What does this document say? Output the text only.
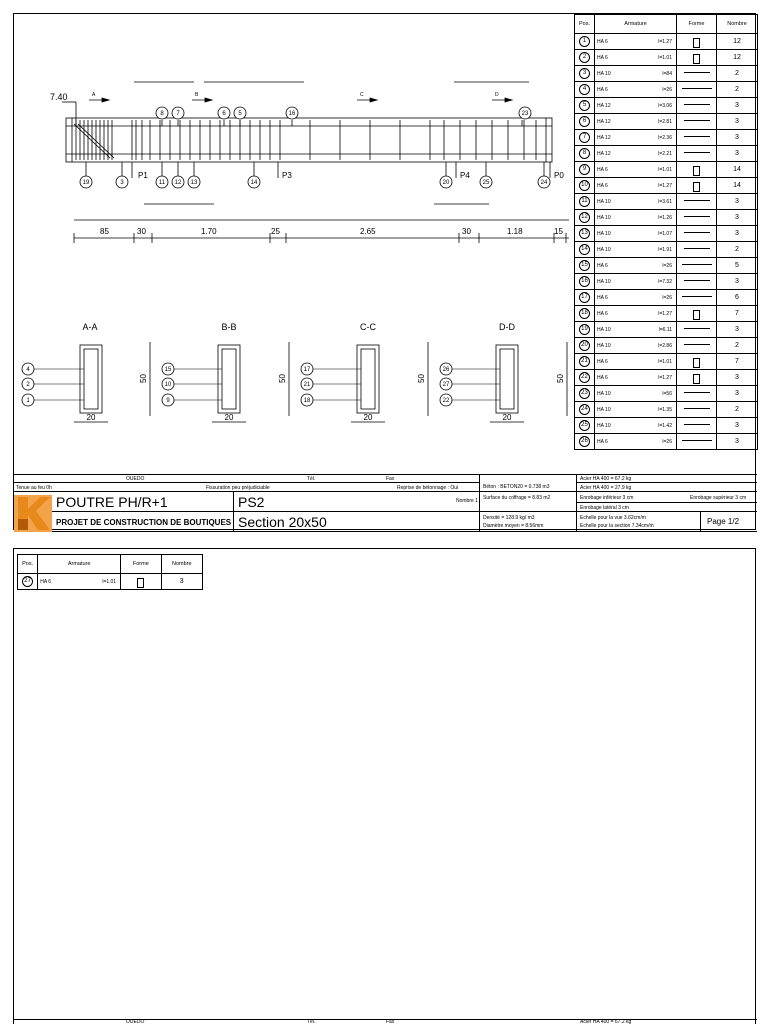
7.40	A	B	C	D
P1	P3	P4	P0
85	30	1.70	25	2.65	30	1.18	15
8 7	6 5	16	23
19	3	11 12 13	14	20	25	24
A-A	B-B	C-C	D-D
20	20	20	20
50	50	50	50
4
2
1
15
10
9
17
21
18
26
27
22
Pos.	Armature	Forme	Nombre
1	HA 6 l=1.27		12
2	HA 6 l=1.01		12
3	HA 10 l=84		2
4	HA 6 l=26		2
5	HA 12 l=3.06		3
6	HA 12 l=2.81		3
7	HA 12 l=2.36		3
8	HA 12 l=2.21		3
9	HA 6 l=1.01		14
10	HA 6 l=1.27		14
11	HA 10 l=3.61		3
12	HA 10 l=1.26		3
13	HA 10 l=1.07		3
14	HA 10 l=1.91		2
15	HA 6 l=26		5
16	HA 10 l=7.32		3
17	HA 6 l=26		6
18	HA 6 l=1.27		7
19	HA 10 l=6.11		3
20	HA 10 l=2.86		2
21	HA 6 l=1.01		7
22	HA 6 l=1.27		3
23	HA 10 l=56		3
24	HA 10 l=1.35		2
25	HA 10 l=1.42		3
26	HA 6 l=26		3
OUEDO	Tél.	Fax
Tenue au feu 0h	Fissuration peu préjudiciable	Reprise de bétonnage : Oui
POUTRE PH/R+1
PROJET DE CONSTRUCTION DE BOUTIQUES
PS2	Nombre 1
Section 20x50
Béton : BETON20 = 0.738 m3
Surface du coffrage = 8.83 m2
Densité = 128.9 kg/ m3
Diamètre moyen = 8.56mm
Acier HA 400 = 67.2 kg
Acier HA 400 = 27.9 kg
Enrobage inférieur 3 cm	Enrobage supérieur 3 cm
Enrobage latéral 3 cm
Echelle pour la vue 3.62cm/m
Echelle pour la section 7.34cm/m	Page 1/2
Pos.	Armature	Forme	Nombre
27	HA 6 l=1.01		3
OUEDO	Tél.	Fax	Acier HA 400 = 67.2 kg
